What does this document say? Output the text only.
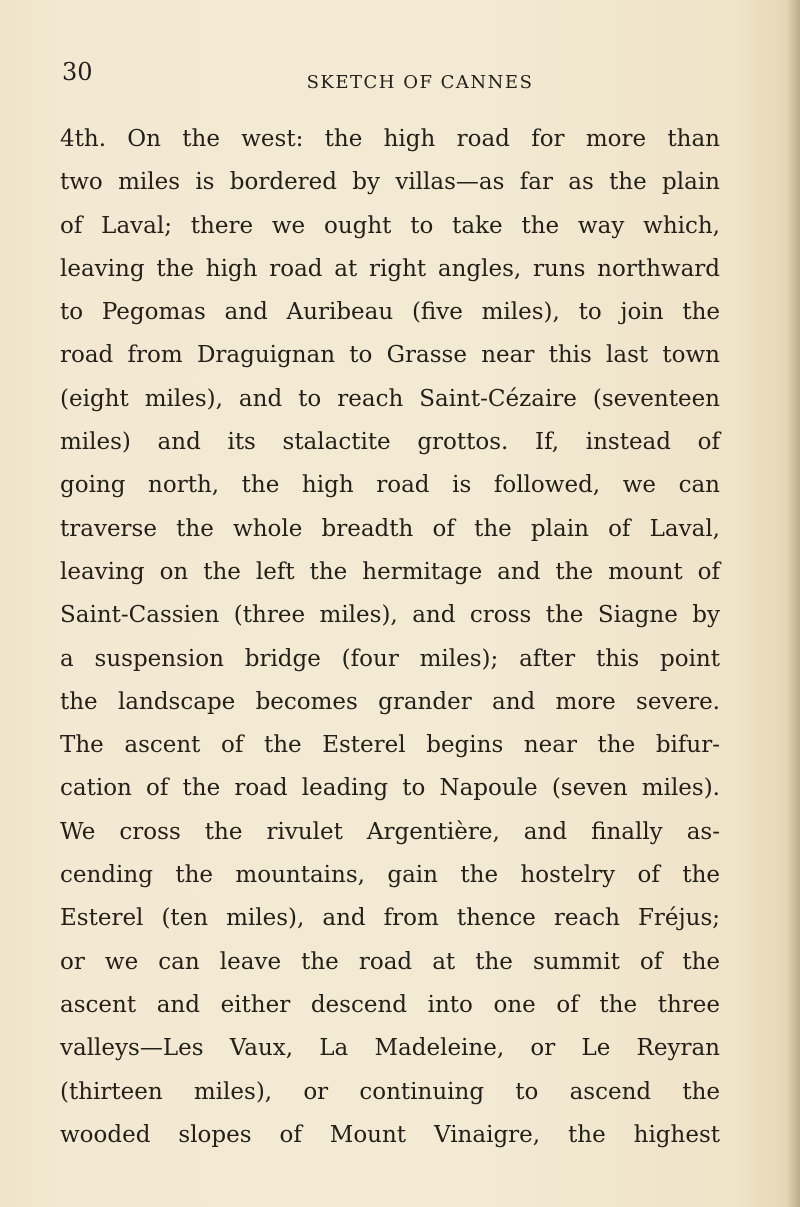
30	SKETCH OF CANNES
4th. On the west: the high road for more than
two miles is bordered by villas—as far as the plain
of Laval; there we ought to take the way which,
leaving the high road at right angles, runs northward
to Pegomas and Auribeau (five miles), to join the
road from Draguignan to Grasse near this last town
(eight miles), and to reach Saint-Cézaire (seventeen
miles) and its stalactite grottos. If, instead of
going north, the high road is followed, we can
traverse the whole breadth of the plain of Laval,
leaving on the left the hermitage and the mount of
Saint-Cassien (three miles), and cross the Siagne by
a suspension bridge (four miles); after this point
the landscape becomes grander and more severe.
The ascent of the Esterel begins near the bifur-
cation of the road leading to Napoule (seven miles).
We cross the rivulet Argentière, and finally as-
cending the mountains, gain the hostelry of the
Esterel (ten miles), and from thence reach Fréjus;
or we can leave the road at the summit of the
ascent and either descend into one of the three
valleys—Les Vaux, La Madeleine, or Le Reyran
(thirteen miles), or continuing to ascend the
wooded slopes of Mount Vinaigre, the highest
